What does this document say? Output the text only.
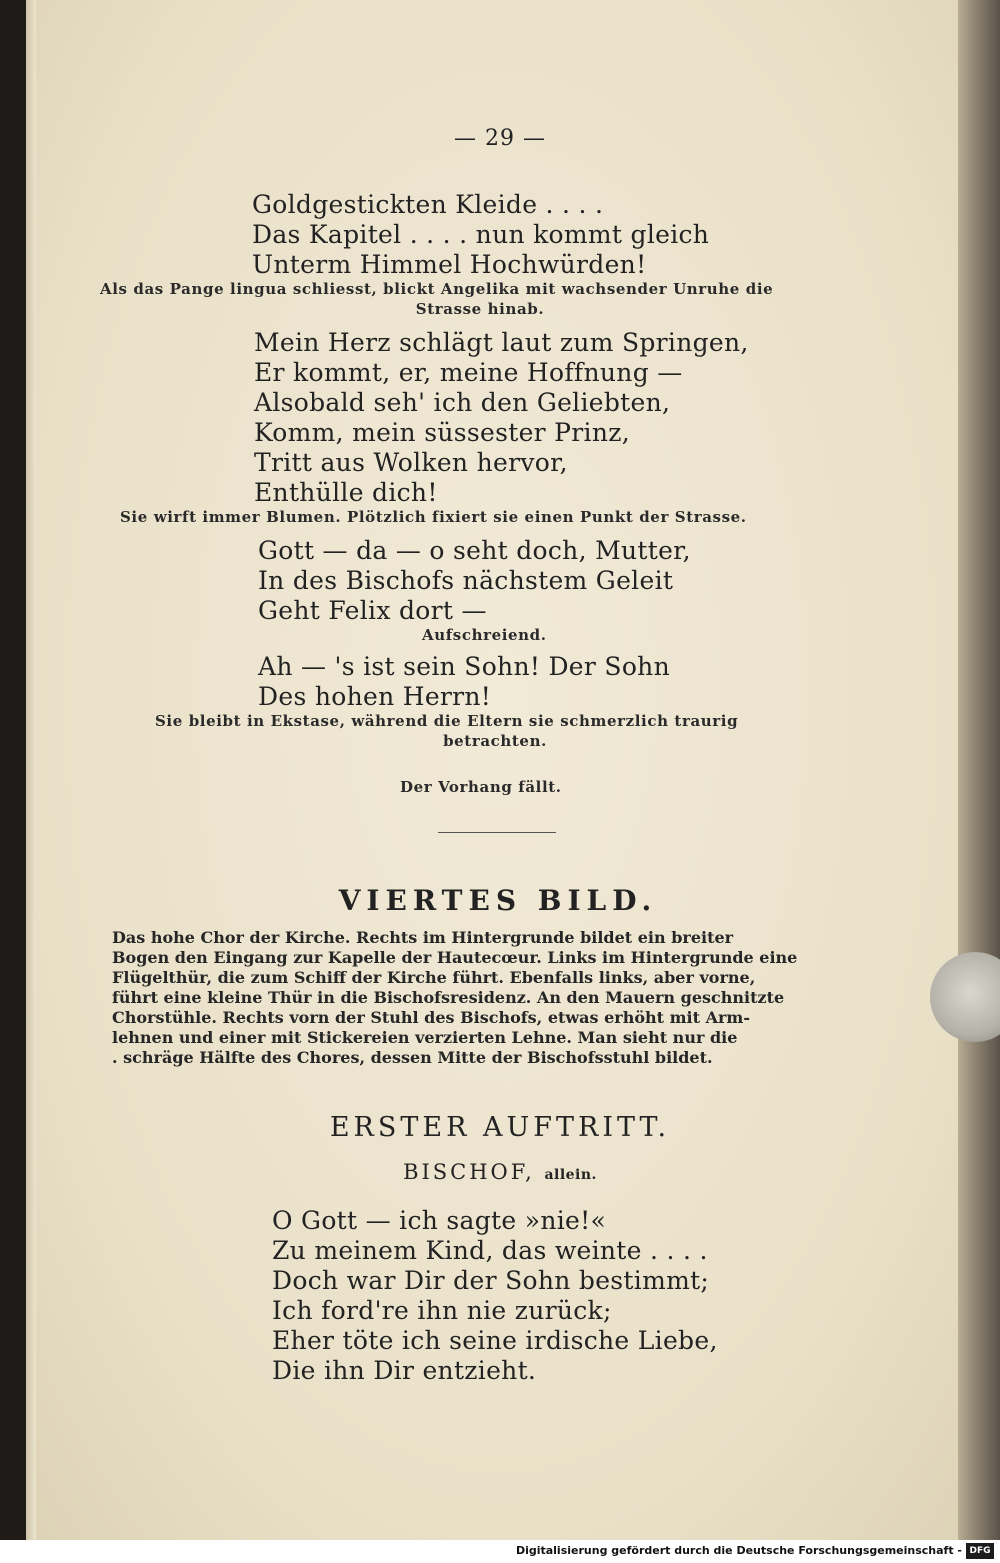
— 29 —
Goldgestickten Kleide . . . .
Das Kapitel . . . . nun kommt gleich
Unterm Himmel Hochwürden!
Als das Pange lingua schliesst, blickt Angelika mit wachsender Unruhe die
Strasse hinab.
Mein Herz schlägt laut zum Springen,
Er kommt, er, meine Hoffnung —
Alsobald seh' ich den Geliebten,
Komm, mein süssester Prinz,
Tritt aus Wolken hervor,
Enthülle dich!
Sie wirft immer Blumen. Plötzlich fixiert sie einen Punkt der Strasse.
Gott — da — o seht doch, Mutter,
In des Bischofs nächstem Geleit
Geht Felix dort —
Aufschreiend.
Ah — 's ist sein Sohn! Der Sohn
Des hohen Herrn!
Sie bleibt in Ekstase, während die Eltern sie schmerzlich traurig
betrachten.
Der Vorhang fällt.
VIERTES BILD.
Das hohe Chor der Kirche. Rechts im Hintergrunde bildet ein breiter
Bogen den Eingang zur Kapelle der Hautecœur. Links im Hintergrunde eine
Flügelthür, die zum Schiff der Kirche führt. Ebenfalls links, aber vorne,
führt eine kleine Thür in die Bischofsresidenz. An den Mauern geschnitzte
Chorstühle. Rechts vorn der Stuhl des Bischofs, etwas erhöht mit Arm-
lehnen und einer mit Stickereien verzierten Lehne. Man sieht nur die
. schräge Hälfte des Chores, dessen Mitte der Bischofsstuhl bildet.
ERSTER AUFTRITT.
BISCHOF, allein.
O Gott — ich sagte »nie!«
Zu meinem Kind, das weinte . . . .
Doch war Dir der Sohn bestimmt;
Ich ford're ihn nie zurück;
Eher töte ich seine irdische Liebe,
Die ihn Dir entzieht.
Digitalisierung gefördert durch die Deutsche Forschungsgemeinschaft - DFG
